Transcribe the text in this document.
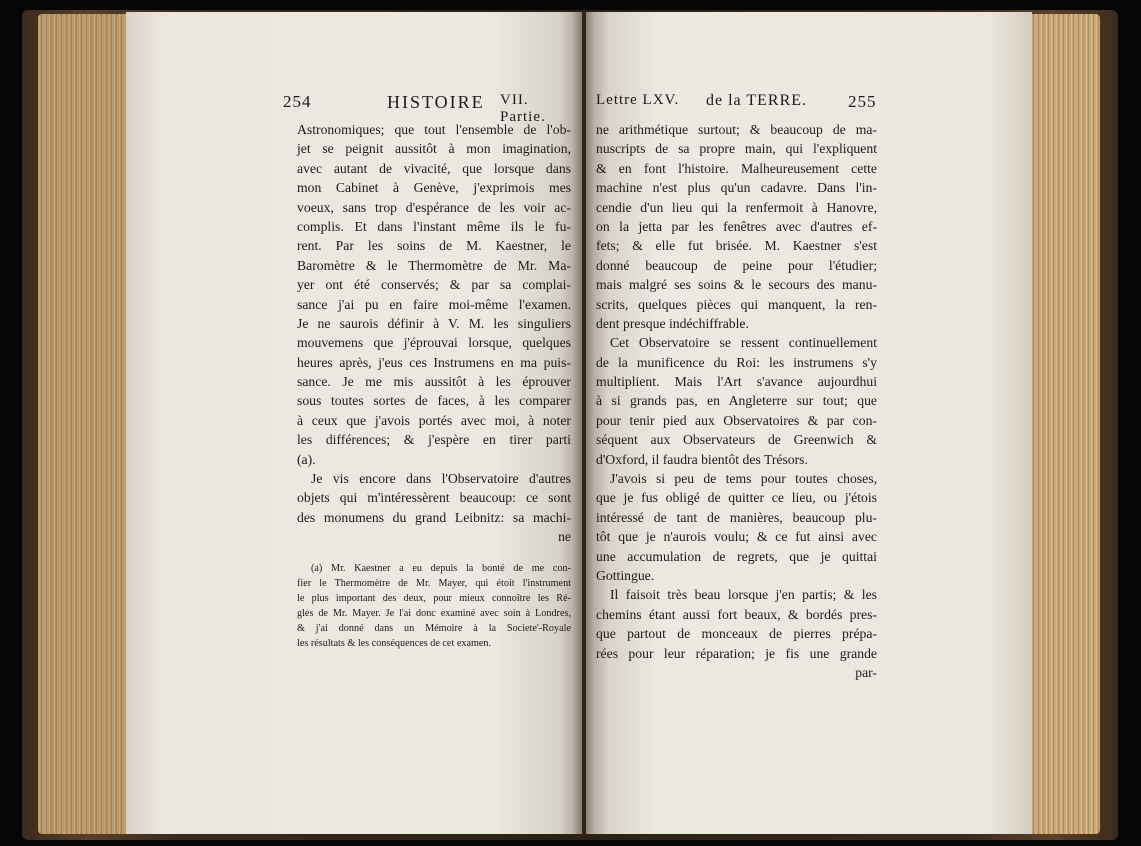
254	HISTOIRE VII. Partie.
Astronomiques; que tout l'ensemble de l'ob-
jet se peignit aussitôt à mon imagination,
avec autant de vivacité, que lorsque dans
mon Cabinet à Genève, j'exprimois mes
voeux, sans trop d'espérance de les voir ac-
complis. Et dans l'instant même ils le fu-
rent. Par les soins de M. Kaestner, le
Baromètre & le Thermomètre de Mr. Ma-
yer ont été conservés; & par sa complai-
sance j'ai pu en faire moi-même l'examen.
Je ne saurois définir à V. M. les singuliers
mouvemens que j'éprouvai lorsque, quelques
heures après, j'eus ces Instrumens en ma puis-
sance. Je me mis aussitôt à les éprouver
sous toutes sortes de faces, à les comparer
à ceux que j'avois portés avec moi, à noter
les différences; & j'espère en tirer parti
(a).
Je vis encore dans l'Observatoire d'autres
objets qui m'intéressèrent beaucoup: ce sont
des monumens du grand Leibnitz: sa machi-
ne
(a) Mr. Kaestner a eu depuis la bonté de me con-
fier le Thermomètre de Mr. Mayer, qui étoit l'instrument
le plus important des deux, pour mieux connoître les Ré-
gles de Mr. Mayer. Je l'ai donc examiné avec soin à Londres,
& j'ai donné dans un Mémoire à la Societe'-Royale
les résultats & les conséquences de cet examen.
Lettre LXV. de la TERRE. 255
ne arithmétique surtout; & beaucoup de ma-
nuscripts de sa propre main, qui l'expliquent
& en font l'histoire. Malheureusement cette
machine n'est plus qu'un cadavre. Dans l'in-
cendie d'un lieu qui la renfermoit à Hanovre,
on la jetta par les fenêtres avec d'autres ef-
fets; & elle fut brisée. M. Kaestner s'est
donné beaucoup de peine pour l'étudier;
mais malgré ses soins & le secours des manu-
scrits, quelques pièces qui manquent, la ren-
dent presque indéchiffrable.
Cet Observatoire se ressent continuellement
de la munificence du Roi: les instrumens s'y
multiplient. Mais l'Art s'avance aujourdhui
à si grands pas, en Angleterre sur tout; que
pour tenir pied aux Observatoires & par con-
séquent aux Observateurs de Greenwich &
d'Oxford, il faudra bientôt des Trésors.
J'avois si peu de tems pour toutes choses,
que je fus obligé de quitter ce lieu, ou j'étois
intéressé de tant de manières, beaucoup plu-
tôt que je n'aurois voulu; & ce fut ainsi avec
une accumulation de regrets, que je quittai
Gottingue.
Il faisoit très beau lorsque j'en partis; & les
chemins étant aussi fort beaux, & bordés pres-
que partout de monceaux de pierres prépa-
rées pour leur réparation; je fis une grande
par-
